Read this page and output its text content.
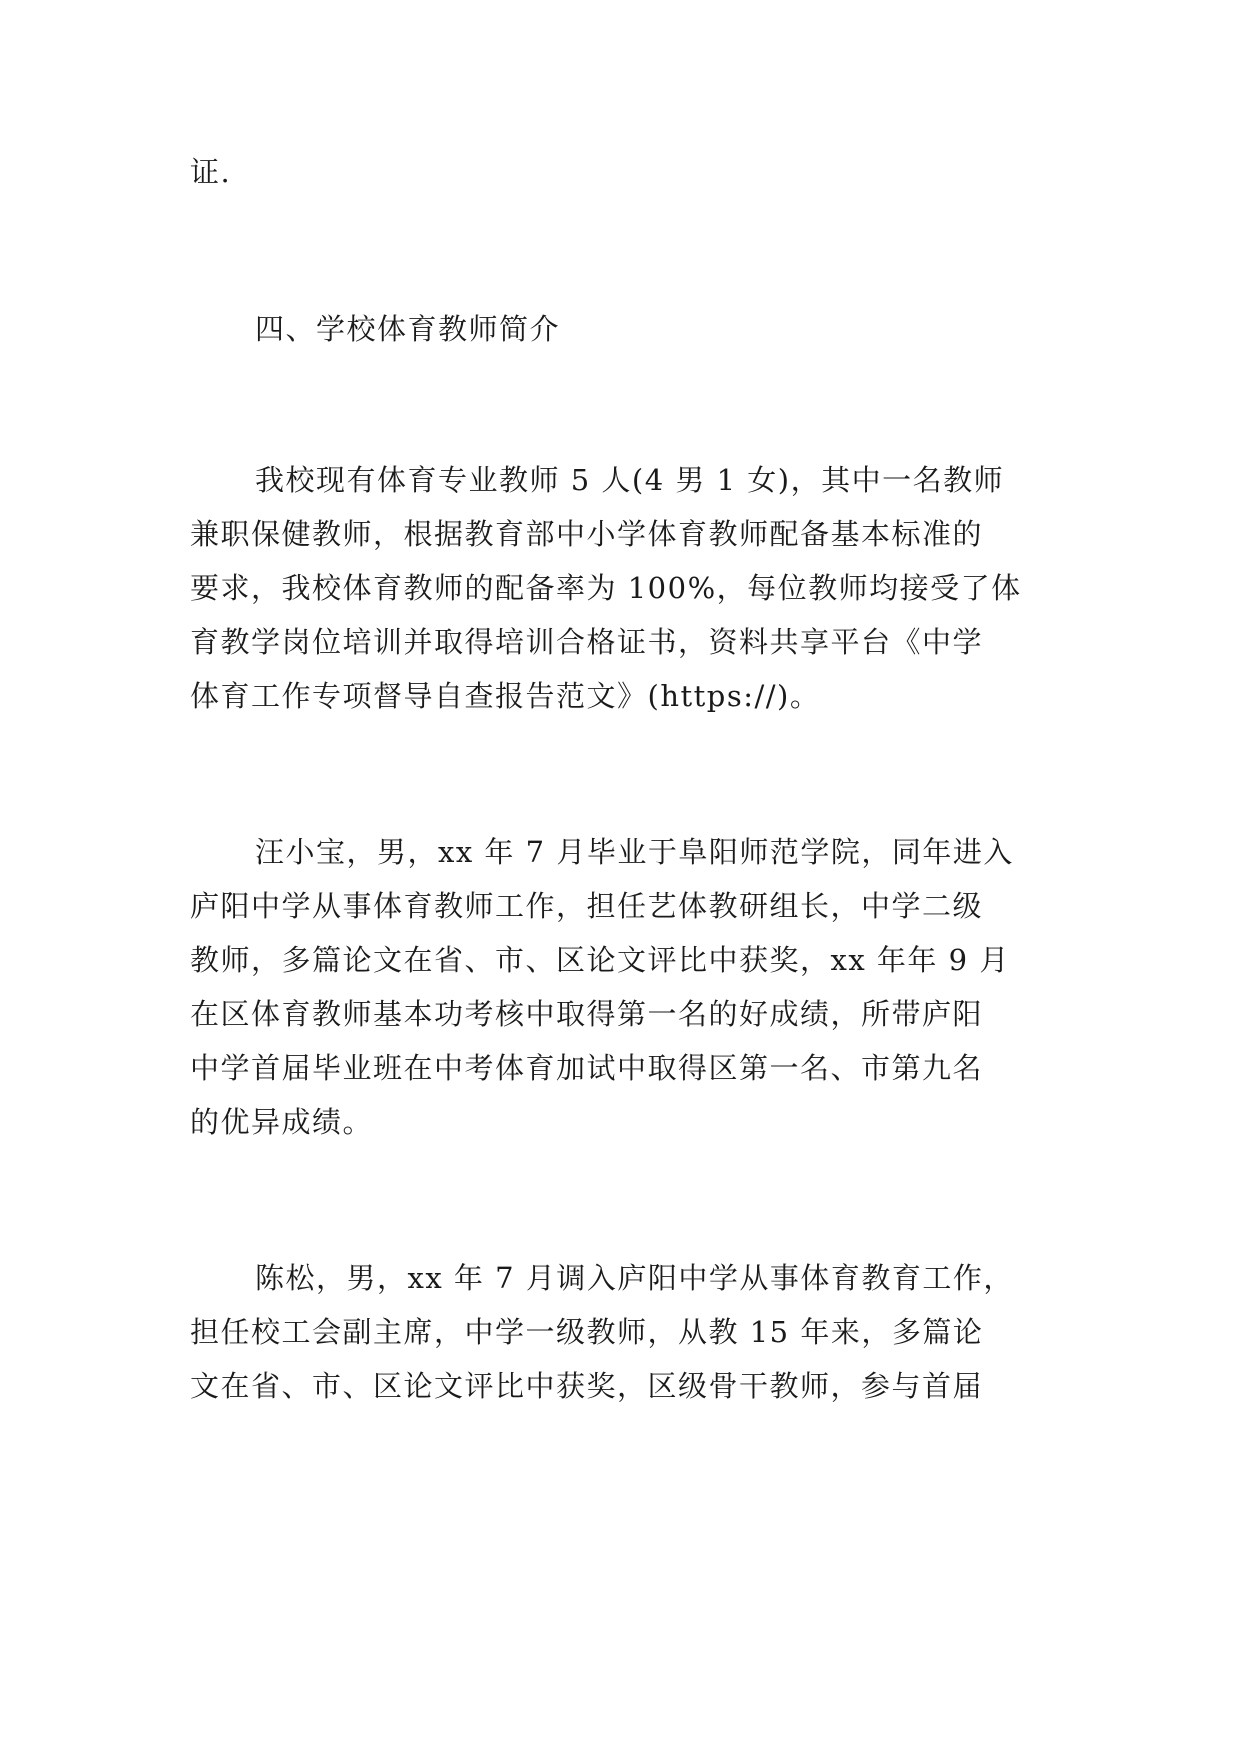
证.
四、学校体育教师简介
我校现有体育专业教师 5 人(4 男 1 女)，其中一名教师
兼职保健教师，根据教育部中小学体育教师配备基本标准的
要求，我校体育教师的配备率为 100%，每位教师均接受了体
育教学岗位培训并取得培训合格证书，资料共享平台《中学
体育工作专项督导自查报告范文》(https://)。
汪小宝，男，xx 年 7 月毕业于阜阳师范学院，同年进入
庐阳中学从事体育教师工作，担任艺体教研组长，中学二级
教师，多篇论文在省、市、区论文评比中获奖，xx 年年 9 月
在区体育教师基本功考核中取得第一名的好成绩，所带庐阳
中学首届毕业班在中考体育加试中取得区第一名、市第九名
的优异成绩。
陈松，男，xx 年 7 月调入庐阳中学从事体育教育工作，
担任校工会副主席，中学一级教师，从教 15 年来，多篇论
文在省、市、区论文评比中获奖，区级骨干教师，参与首届
